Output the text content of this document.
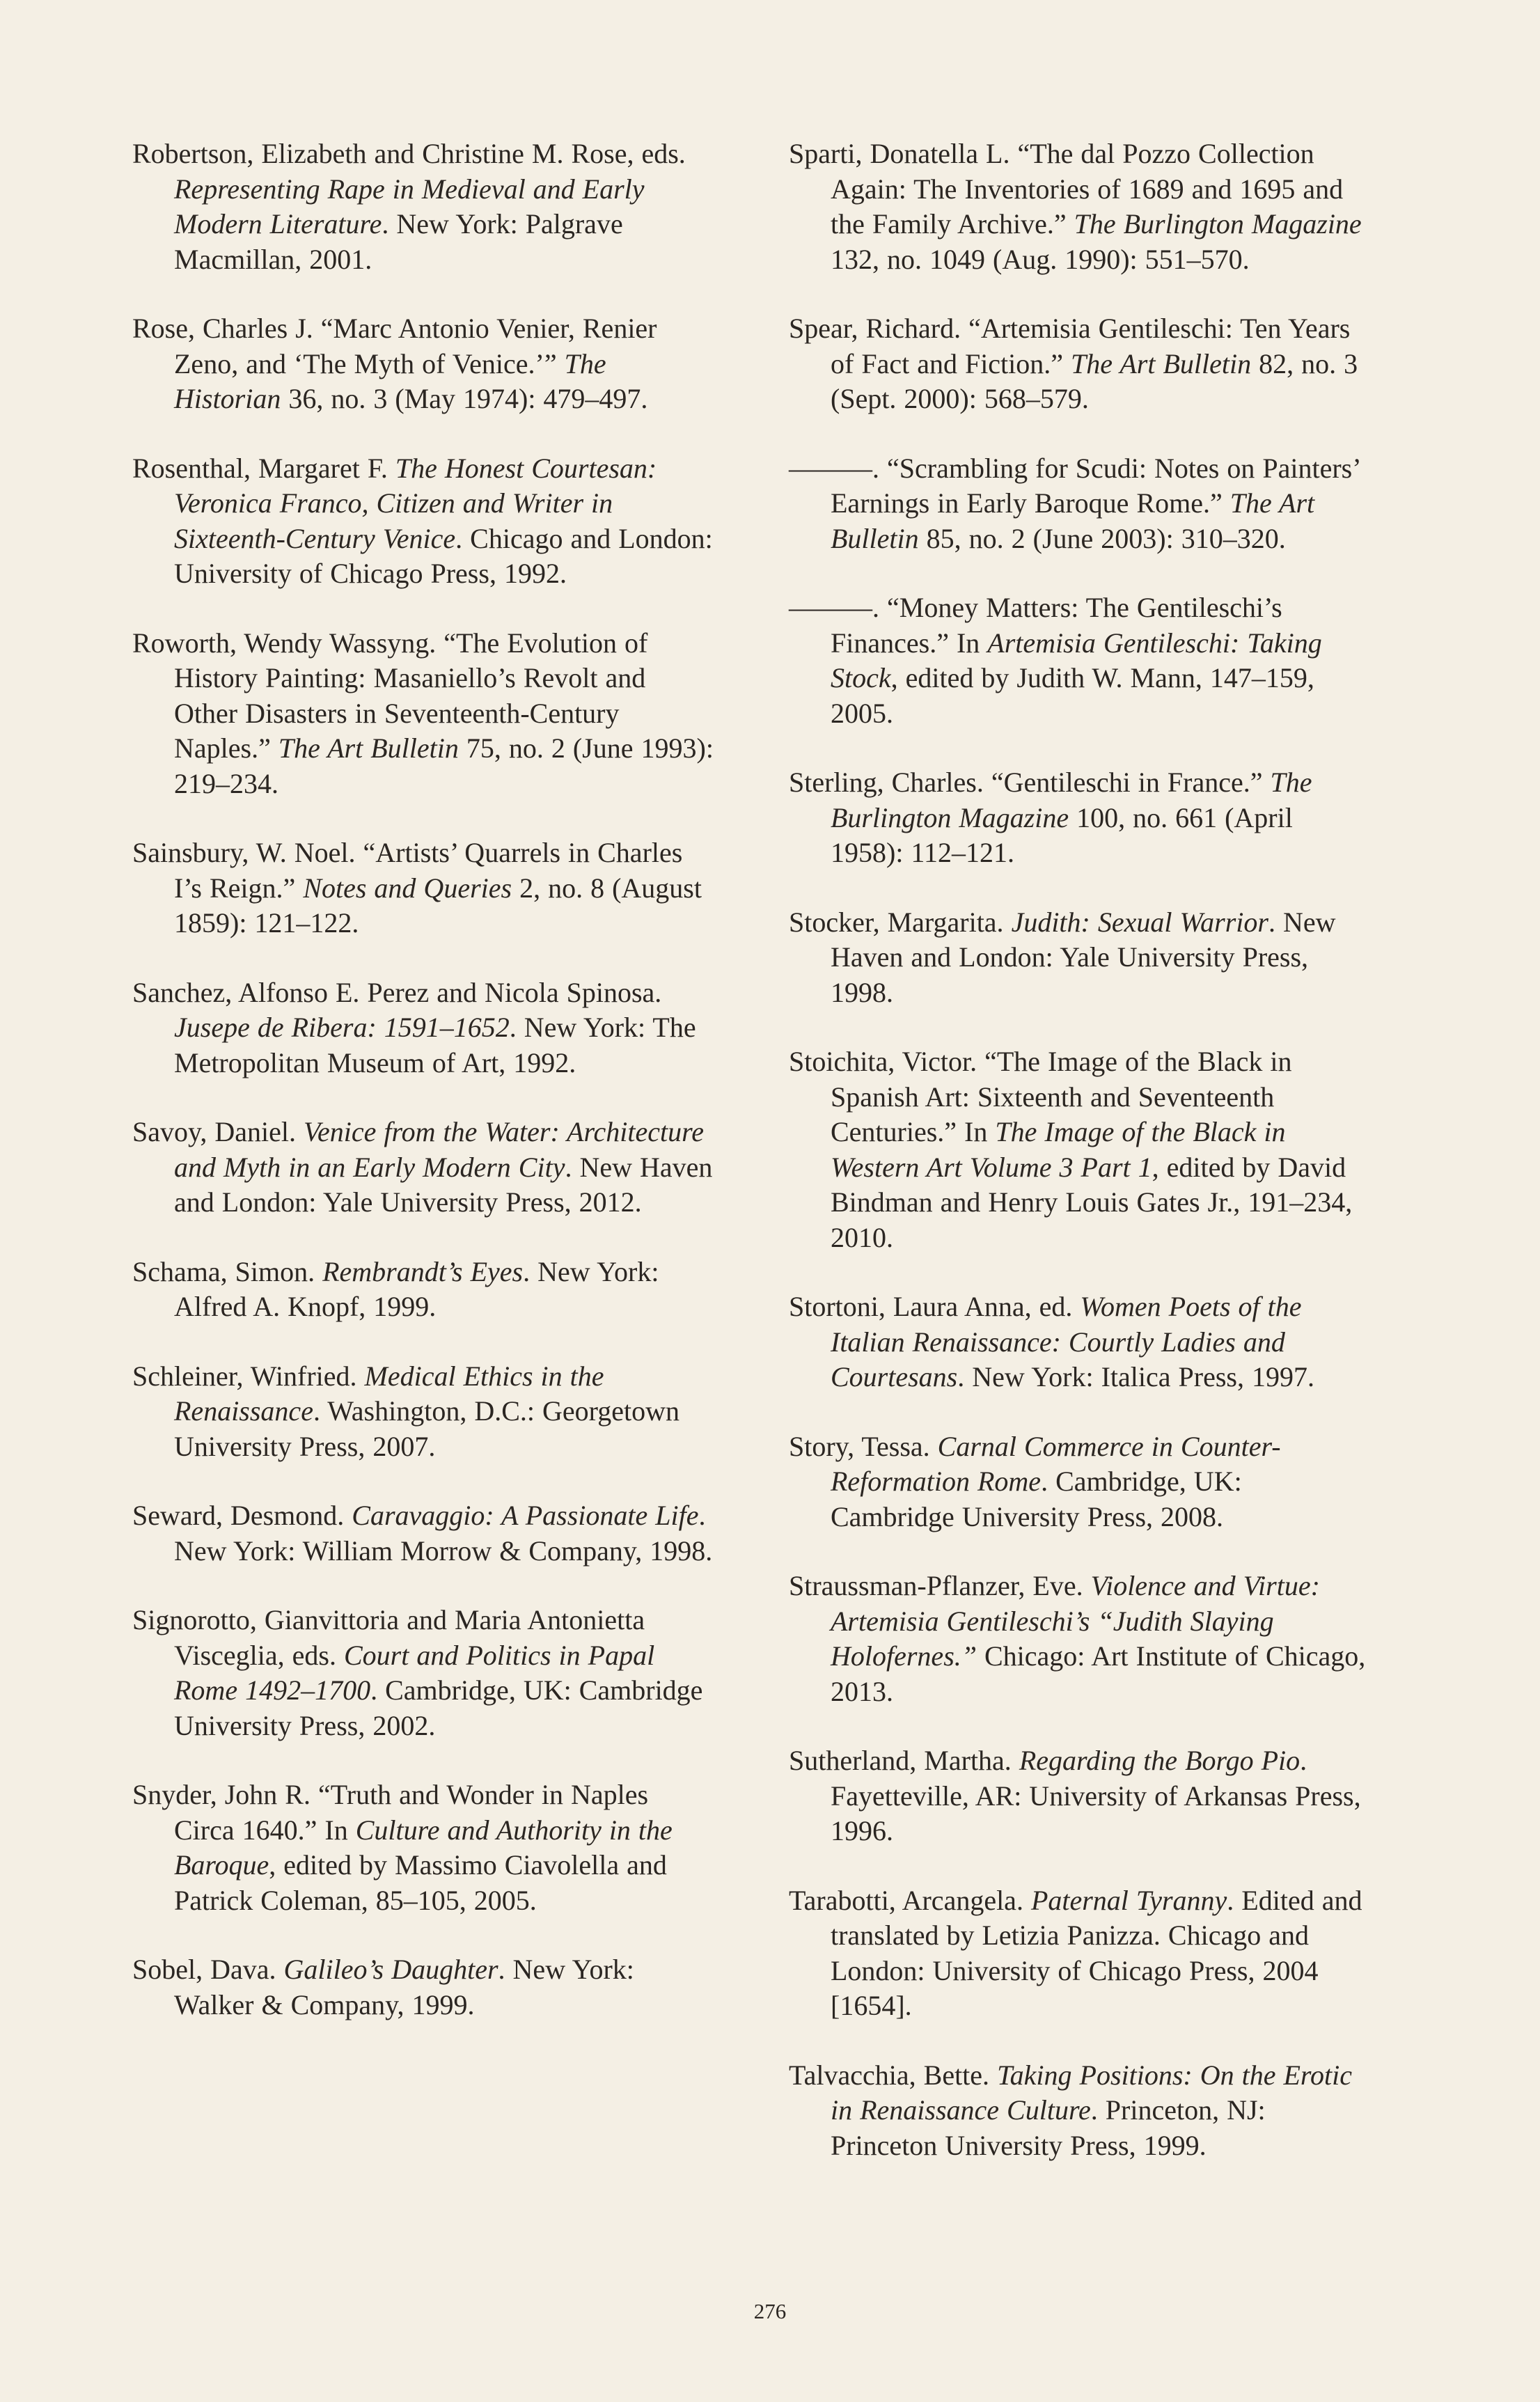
Robertson, Elizabeth and Christine M. Rose, eds. Representing Rape in Medieval and Early Modern Literature. New York: Palgrave Macmillan, 2001.

Rose, Charles J. “Marc Antonio Venier, Renier Zeno, and ‘The Myth of Venice.’” The Historian 36, no. 3 (May 1974): 479–497.

Rosenthal, Margaret F. The Honest Courtesan: Veronica Franco, Citizen and Writer in Sixteenth-Century Venice. Chicago and London: University of Chicago Press, 1992.

Roworth, Wendy Wassyng. “The Evolution of History Painting: Masaniello’s Revolt and Other Disasters in Seventeenth-Century Naples.” The Art Bulletin 75, no. 2 (June 1993): 219–234.

Sainsbury, W. Noel. “Artists’ Quarrels in Charles I’s Reign.” Notes and Queries 2, no. 8 (August 1859): 121–122.

Sanchez, Alfonso E. Perez and Nicola Spinosa. Jusepe de Ribera: 1591–1652. New York: The Metropolitan Museum of Art, 1992.

Savoy, Daniel. Venice from the Water: Architecture and Myth in an Early Modern City. New Haven and London: Yale University Press, 2012.

Schama, Simon. Rembrandt’s Eyes. New York: Alfred A. Knopf, 1999.

Schleiner, Winfried. Medical Ethics in the Renaissance. Washington, D.C.: Georgetown University Press, 2007.

Seward, Desmond. Caravaggio: A Passionate Life. New York: William Morrow & Company, 1998.

Signorotto, Gianvittoria and Maria Antonietta Visceglia, eds. Court and Politics in Papal Rome 1492–1700. Cambridge, UK: Cambridge University Press, 2002.

Snyder, John R. “Truth and Wonder in Naples Circa 1640.” In Culture and Authority in the Baroque, edited by Massimo Ciavolella and Patrick Coleman, 85–105, 2005.

Sobel, Dava. Galileo’s Daughter. New York: Walker & Company, 1999.

Sparti, Donatella L. “The dal Pozzo Collection Again: The Inventories of 1689 and 1695 and the Family Archive.” The Burlington Magazine 132, no. 1049 (Aug. 1990): 551–570.

Spear, Richard. “Artemisia Gentileschi: Ten Years of Fact and Fiction.” The Art Bulletin 82, no. 3 (Sept. 2000): 568–579.

———. “Scrambling for Scudi: Notes on Painters’ Earnings in Early Baroque Rome.” The Art Bulletin 85, no. 2 (June 2003): 310–320.

———. “Money Matters: The Gentileschi’s Finances.” In Artemisia Gentileschi: Taking Stock, edited by Judith W. Mann, 147–159, 2005.

Sterling, Charles. “Gentileschi in France.” The Burlington Magazine 100, no. 661 (April 1958): 112–121.

Stocker, Margarita. Judith: Sexual Warrior. New Haven and London: Yale University Press, 1998.

Stoichita, Victor. “The Image of the Black in Spanish Art: Sixteenth and Seventeenth Centuries.” In The Image of the Black in Western Art Volume 3 Part 1, edited by David Bindman and Henry Louis Gates Jr., 191–234, 2010.

Stortoni, Laura Anna, ed. Women Poets of the Italian Renaissance: Courtly Ladies and Courtesans. New York: Italica Press, 1997.

Story, Tessa. Carnal Commerce in Counter-Reformation Rome. Cambridge, UK: Cambridge University Press, 2008.

Straussman-Pflanzer, Eve. Violence and Virtue: Artemisia Gentileschi’s “Judith Slaying Holofernes.” Chicago: Art Institute of Chicago, 2013.

Sutherland, Martha. Regarding the Borgo Pio. Fayetteville, AR: University of Arkansas Press, 1996.

Tarabotti, Arcangela. Paternal Tyranny. Edited and translated by Letizia Panizza. Chicago and London: University of Chicago Press, 2004 [1654].

Talvacchia, Bette. Taking Positions: On the Erotic in Renaissance Culture. Princeton, NJ: Princeton University Press, 1999.

276
